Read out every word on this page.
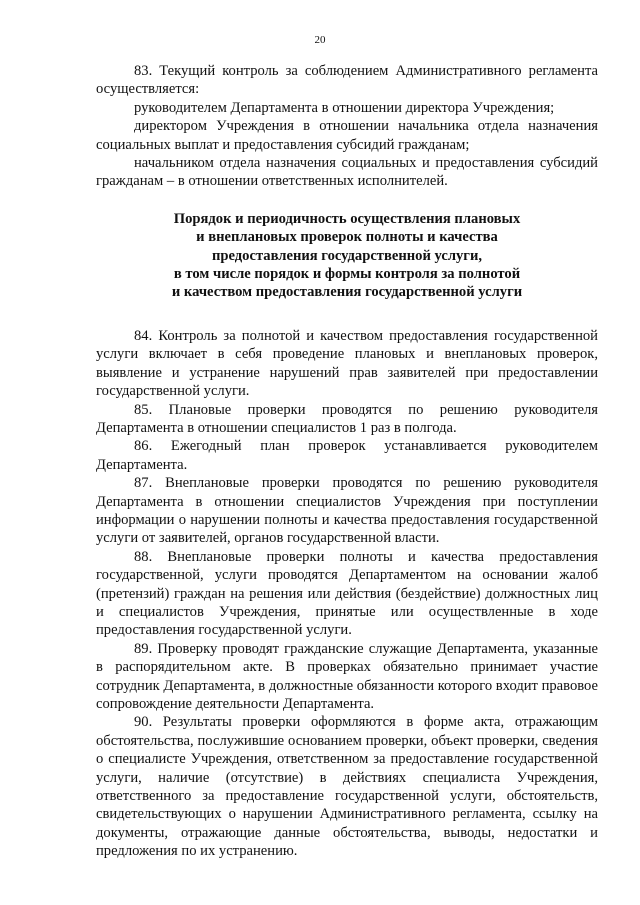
20

83. Текущий контроль за соблюдением Административного регламента осуществляется:

руководителем Департамента в отношении директора Учреждения;

директором Учреждения в отношении начальника отдела назначения социальных выплат и предоставления субсидий гражданам;

начальником отдела назначения социальных и предоставления субсидий гражданам – в отношении ответственных исполнителей.

Порядок и периодичность осуществления плановых
и внеплановых проверок полноты и качества
предоставления государственной услуги,
в том числе порядок и формы контроля за полнотой
и качеством предоставления государственной услуги

84. Контроль за полнотой и качеством предоставления государственной услуги включает в себя проведение плановых и внеплановых проверок, выявление и устранение нарушений прав заявителей при предоставлении государственной услуги.

85. Плановые проверки проводятся по решению руководителя Департамента в отношении специалистов 1 раз в полгода.

86. Ежегодный план проверок устанавливается руководителем Департамента.

87. Внеплановые проверки проводятся по решению руководителя Департамента в отношении специалистов Учреждения при поступлении информации о нарушении полноты и качества предоставления государственной услуги от заявителей, органов государственной власти.

88. Внеплановые проверки полноты и качества предоставления государственной, услуги проводятся Департаментом на основании жалоб (претензий) граждан на решения или действия (бездействие) должностных лиц и специалистов Учреждения, принятые или осуществленные в ходе предоставления государственной услуги.

89. Проверку проводят гражданские служащие Департамента, указанные в распорядительном акте. В проверках обязательно принимает участие сотрудник Департамента, в должностные обязанности которого входит правовое сопровождение деятельности Департамента.

90. Результаты проверки оформляются в форме акта, отражающим обстоятельства, послужившие основанием проверки, объект проверки, сведения о специалисте Учреждения, ответственном за предоставление государственной услуги, наличие (отсутствие) в действиях специалиста Учреждения, ответственного за предоставление государственной услуги, обстоятельств, свидетельствующих о нарушении Административного регламента, ссылку на документы, отражающие данные обстоятельства, выводы, недостатки и предложения по их устранению.
